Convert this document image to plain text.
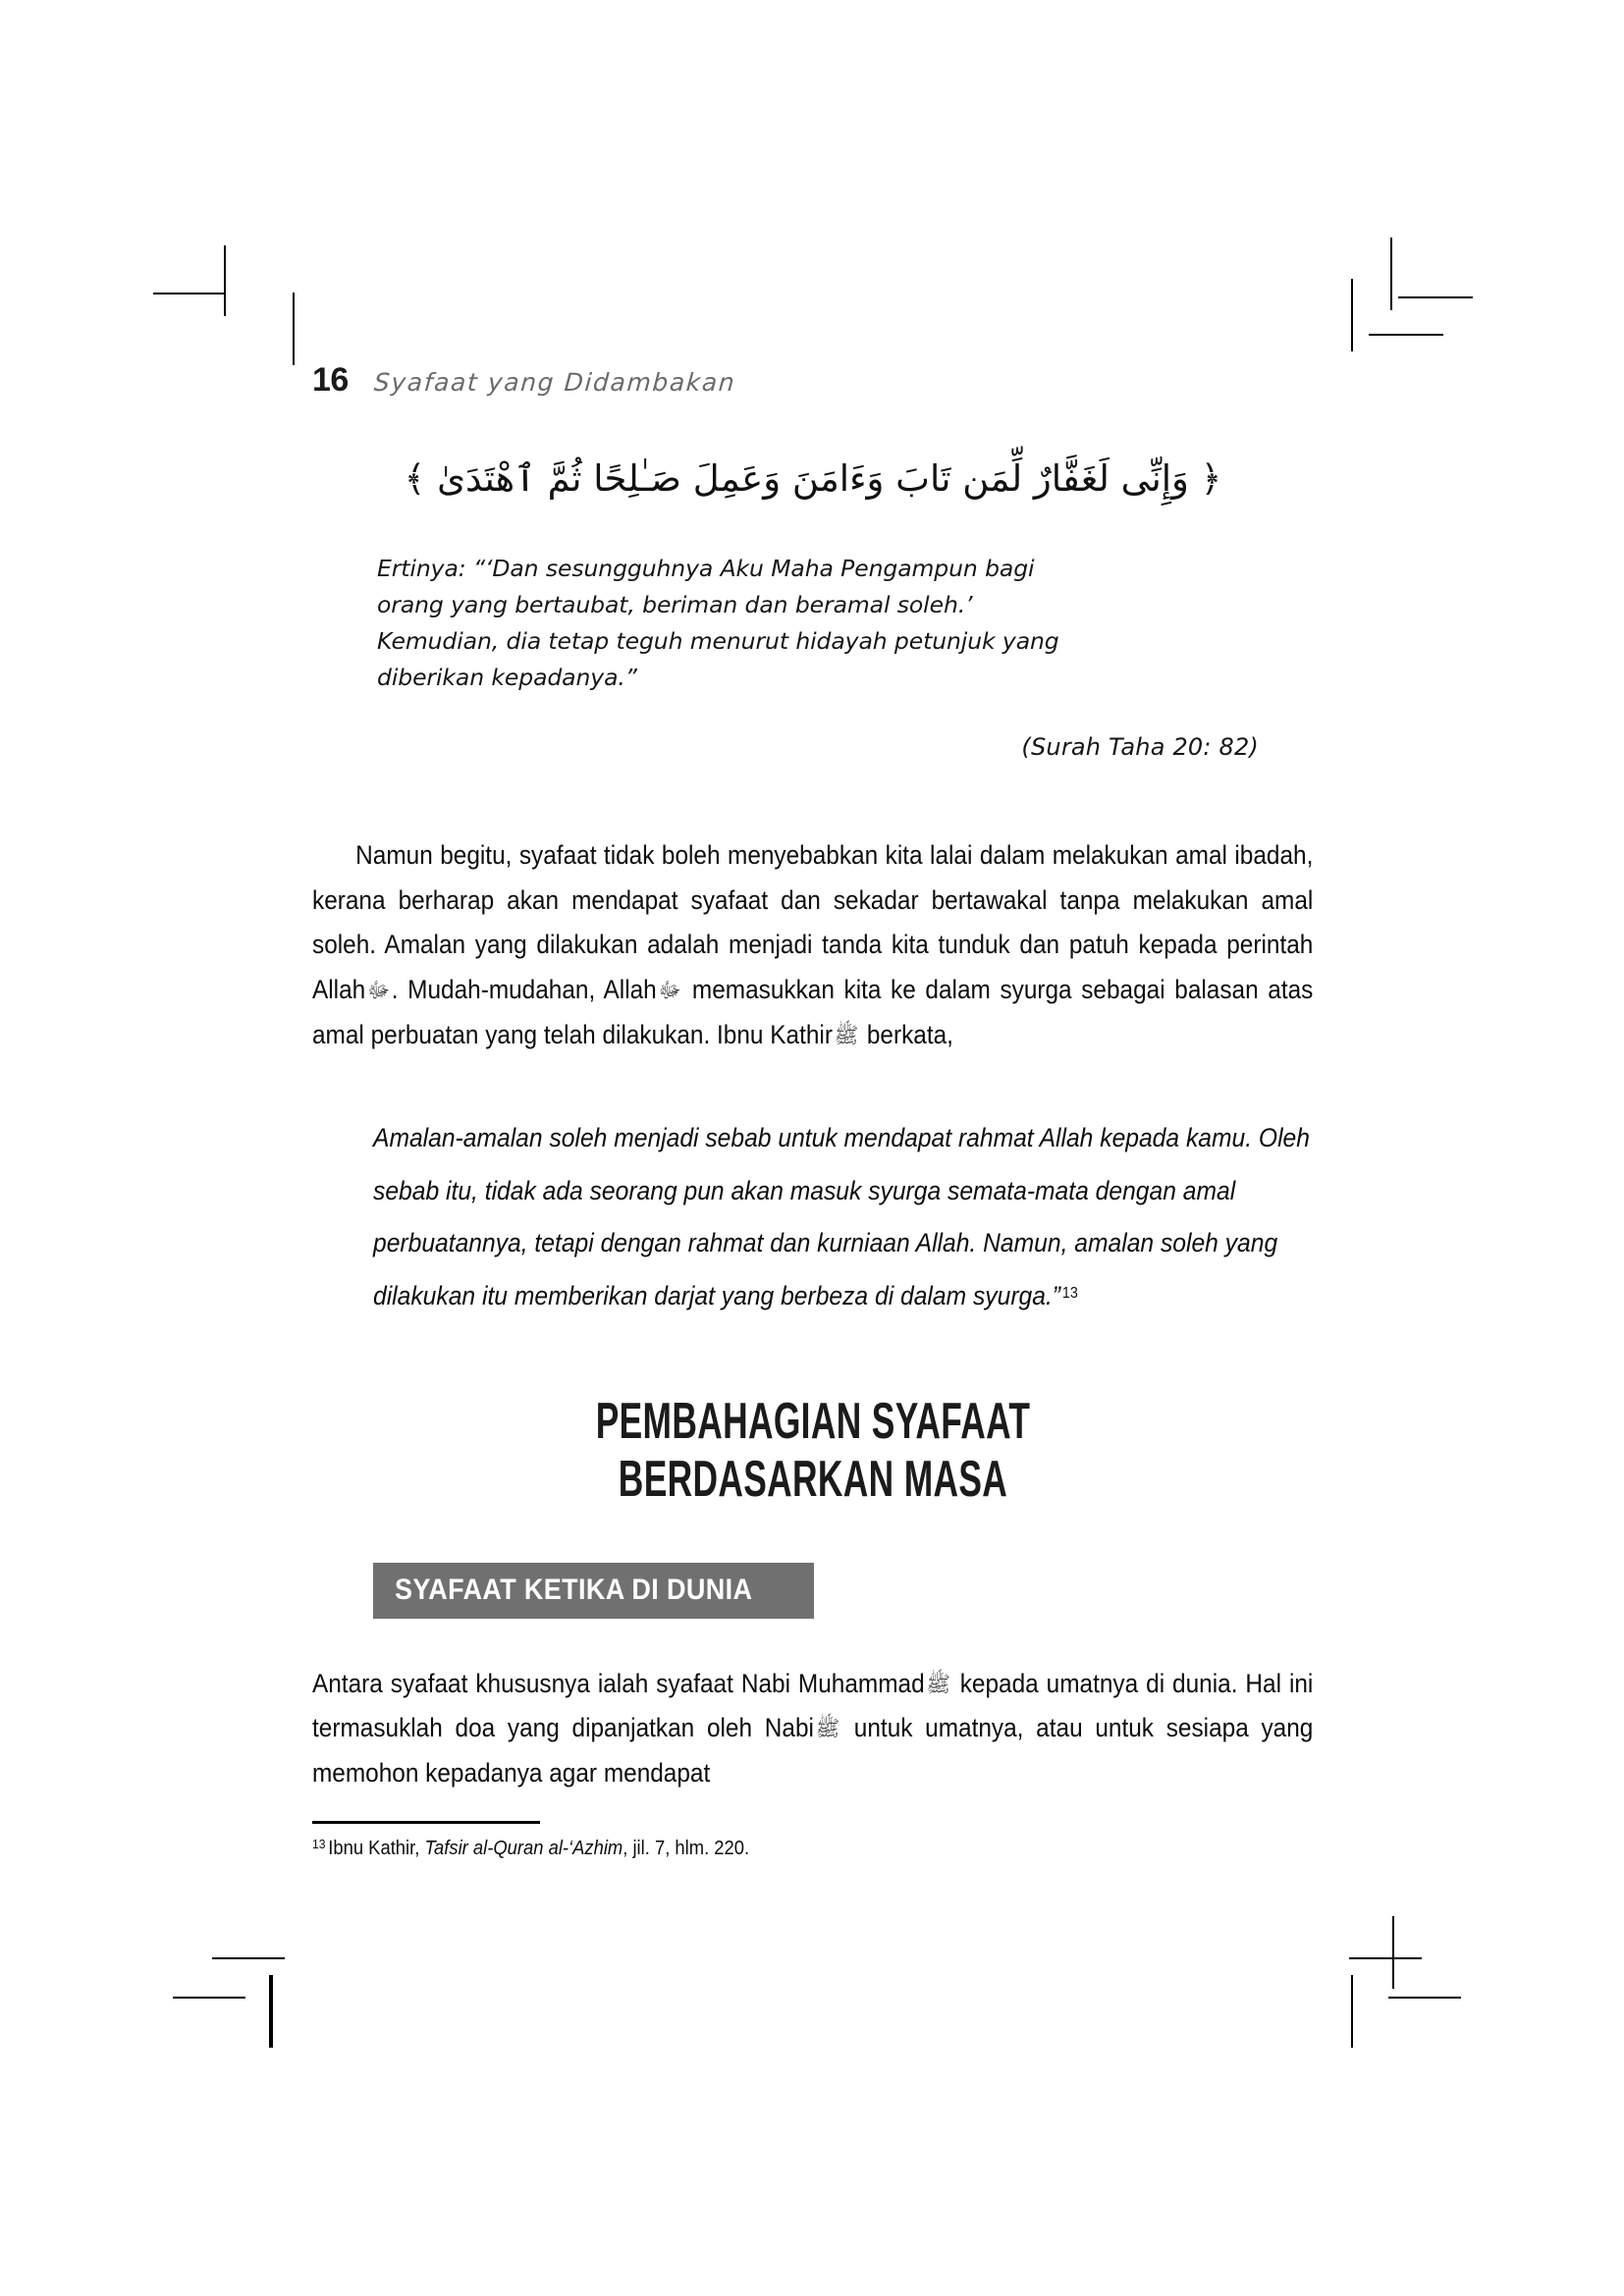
16 Syafaat yang Didambakan
﴿ وَإِنِّى لَغَفَّارٌ لِّمَن تَابَ وَءَامَنَ وَعَمِلَ صَـٰلِحًا ثُمَّ ٱهْتَدَىٰ ﴾
Ertinya: “‘Dan sesungguhnya Aku Maha Pengampun bagi orang yang bertaubat, beriman dan beramal soleh.’ Kemudian, dia tetap teguh menurut hidayah petunjuk yang diberikan kepadanya.”
(Surah Taha 20: 82)
Namun begitu, syafaat tidak boleh menyebabkan kita lalai dalam melakukan amal ibadah, kerana berharap akan mendapat syafaat dan sekadar bertawakal tanpa melakukan amal soleh. Amalan yang dilakukan adalah menjadi tanda kita tunduk dan patuh kepada perintah Allahﷻ. Mudah-mudahan, Allahﷻ memasukkan kita ke dalam syurga sebagai balasan atas amal perbuatan yang telah dilakukan. Ibnu Kathirﷺ berkata,
Amalan-amalan soleh menjadi sebab untuk mendapat rahmat Allah kepada kamu. Oleh sebab itu, tidak ada seorang pun akan masuk syurga semata-mata dengan amal perbuatannya, tetapi dengan rahmat dan kurniaan Allah. Namun, amalan soleh yang dilakukan itu memberikan darjat yang berbeza di dalam syurga.” $^{13}$
PEMBAHAGIAN SYAFAAT
BERDASARKAN MASA
SYAFAAT KETIKA DI DUNIA
Antara syafaat khususnya ialah syafaat Nabi Muhammadﷺ kepada umatnya di dunia. Hal ini termasuklah doa yang dipanjatkan oleh Nabiﷺ untuk umatnya, atau untuk sesiapa yang memohon kepadanya agar mendapat
$^{13}$ Ibnu Kathir, Tafsir al-Quran al-‘Azhim, jil. 7, hlm. 220.
